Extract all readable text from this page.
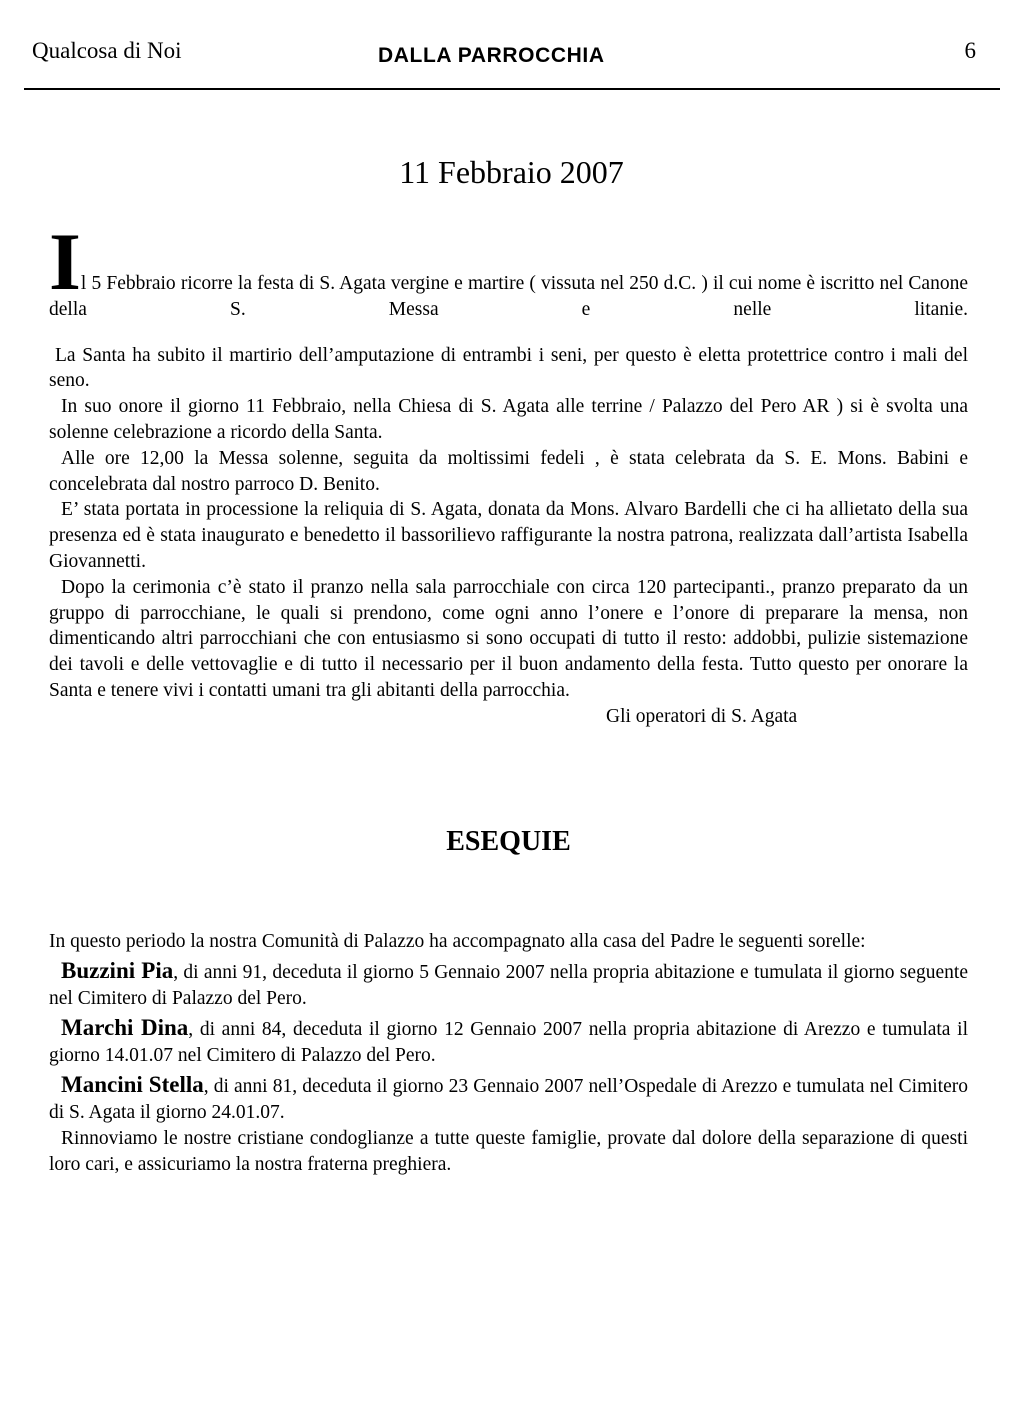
Qualcosa di Noi	DALLA PARROCCHIA	6
11 Febbraio 2007

Il 5 Febbraio ricorre la festa di S. Agata vergine e martire ( vissuta nel 250 d.C. ) il cui nome è iscritto nel Canone della S. Messa e nelle litanie.

La Santa ha subito il martirio dell’amputazione di entrambi i seni, per questo è eletta protettrice contro i mali del seno.

In suo onore il giorno 11 Febbraio, nella Chiesa di S. Agata alle terrine / Palazzo del Pero AR ) si è svolta una solenne celebrazione a ricordo della Santa.

Alle ore 12,00 la Messa solenne, seguita da moltissimi fedeli , è stata celebrata da S. E. Mons. Babini e concelebrata dal nostro parroco D. Benito.

E’ stata portata in processione la reliquia di S. Agata, donata da Mons. Alvaro Bardelli che ci ha allietato della sua presenza ed è stata inaugurato e benedetto il bassorilievo raffigurante la nostra patrona, realizzata dall’artista Isabella Giovannetti.

Dopo la cerimonia c’è stato il pranzo nella sala parrocchiale con circa 120 partecipanti., pranzo preparato da un gruppo di parrocchiane, le quali si prendono, come ogni anno l’onere e l’onore di preparare la mensa, non dimenticando altri parrocchiani che con entusiasmo si sono occupati di tutto il resto: addobbi, pulizie sistemazione dei tavoli e delle vettovaglie e di tutto il necessario per il buon andamento della festa. Tutto questo per onorare la Santa e tenere vivi i contatti umani tra gli abitanti della parrocchia.

Gli operatori di S. Agata

ESEQUIE

In questo periodo la nostra Comunità di Palazzo ha accompagnato alla casa del Padre le seguenti sorelle:

Buzzini Pia, di anni 91, deceduta il giorno 5 Gennaio 2007 nella propria abitazione e tumulata il giorno seguente nel Cimitero di Palazzo del Pero.

Marchi Dina, di anni 84, deceduta il giorno 12 Gennaio 2007 nella propria abitazione di Arezzo e tumulata il giorno 14.01.07 nel Cimitero di Palazzo del Pero.

Mancini Stella, di anni 81, deceduta il giorno 23 Gennaio 2007 nell’Ospedale di Arezzo e tumulata nel Cimitero di S. Agata il giorno 24.01.07.

Rinnoviamo le nostre cristiane condoglianze a tutte queste famiglie, provate dal dolore della separazione di questi loro cari, e assicuriamo la nostra fraterna preghiera.
